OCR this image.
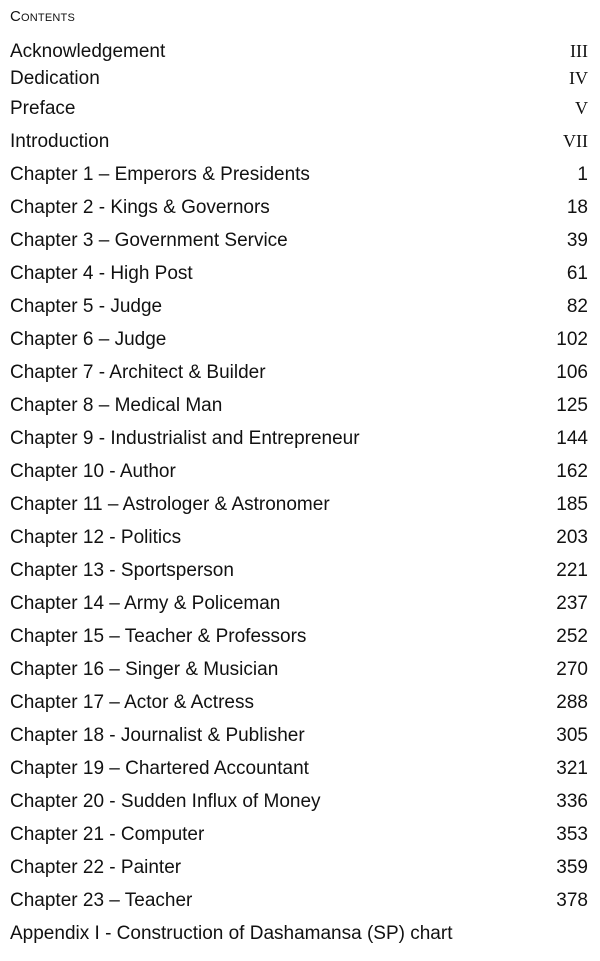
Contents
Acknowledgement	III
Dedication	IV
Preface	V
Introduction	VII
Chapter 1 – Emperors & Presidents	1
Chapter 2 - Kings & Governors	18
Chapter 3 – Government Service	39
Chapter 4 - High Post	61
Chapter 5 - Judge	82
Chapter 6 – Judge	102
Chapter 7 - Architect & Builder	106
Chapter 8 – Medical Man	125
Chapter 9 - Industrialist and Entrepreneur	144
Chapter 10 - Author	162
Chapter 11 – Astrologer & Astronomer	185
Chapter 12 - Politics	203
Chapter 13 - Sportsperson	221
Chapter 14 – Army & Policeman	237
Chapter 15 – Teacher & Professors	252
Chapter 16 – Singer & Musician	270
Chapter 17 – Actor & Actress	288
Chapter 18 - Journalist & Publisher	305
Chapter 19 – Chartered Accountant	321
Chapter 20 - Sudden Influx of Money	336
Chapter 21 - Computer	353
Chapter 22 - Painter	359
Chapter 23 – Teacher	378
Appendix I - Construction of Dashamansa (SP) chart
